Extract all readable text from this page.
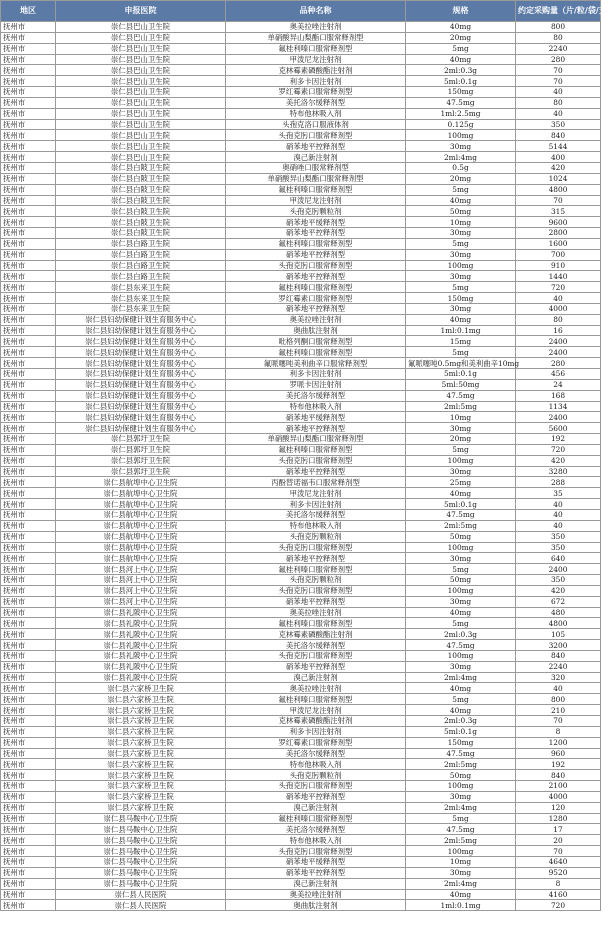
地区	申报医院	品种名称	规格	约定采购量（片/粒/袋/支）
抚州市	崇仁县巴山卫生院	奥美拉唑注射剂	40mg	800
抚州市	崇仁县巴山卫生院	单硝酸异山梨酯口服常释剂型	20mg	80
抚州市	崇仁县巴山卫生院	氟桂利嗪口服常释剂型	5mg	2240
抚州市	崇仁县巴山卫生院	甲泼尼龙注射剂	40mg	280
抚州市	崇仁县巴山卫生院	克林霉素磷酸酯注射剂	2ml:0.3g	70
抚州市	崇仁县巴山卫生院	利多卡因注射剂	5ml:0.1g	70
抚州市	崇仁县巴山卫生院	罗红霉素口服常释剂型	150mg	40
抚州市	崇仁县巴山卫生院	美托洛尔缓释剂型	47.5mg	80
抚州市	崇仁县巴山卫生院	特布他林吸入剂	1ml:2.5mg	40
抚州市	崇仁县巴山卫生院	头孢克洛口服液体剂	0.125g	350
抚州市	崇仁县巴山卫生院	头孢克肟口服常释剂型	100mg	840
抚州市	崇仁县巴山卫生院	硝苯地平控释剂型	30mg	5144
抚州市	崇仁县巴山卫生院	溴己新注射剂	2ml:4mg	400
抚州市	崇仁县白陂卫生院	奥硝唑口服常释剂型	0.5g	420
抚州市	崇仁县白陂卫生院	单硝酸异山梨酯口服常释剂型	20mg	1024
抚州市	崇仁县白陂卫生院	氟桂利嗪口服常释剂型	5mg	4800
抚州市	崇仁县白陂卫生院	甲泼尼龙注射剂	40mg	70
抚州市	崇仁县白陂卫生院	头孢克肟颗粒剂	50mg	315
抚州市	崇仁县白陂卫生院	硝苯地平缓释剂型	10mg	9600
抚州市	崇仁县白陂卫生院	硝苯地平控释剂型	30mg	2800
抚州市	崇仁县白路卫生院	氟桂利嗪口服常释剂型	5mg	1600
抚州市	崇仁县白路卫生院	硝苯地平控释剂型	30mg	700
抚州市	崇仁县白路卫生院	头孢克肟口服常释剂型	100mg	910
抚州市	崇仁县白路卫生院	硝苯地平控释剂型	30mg	1440
抚州市	崇仁县东来卫生院	氟桂利嗪口服常释剂型	5mg	720
抚州市	崇仁县东来卫生院	罗红霉素口服常释剂型	150mg	40
抚州市	崇仁县东来卫生院	硝苯地平控释剂型	30mg	4000
抚州市	崇仁县妇幼保健计划生育服务中心	奥美拉唑注射剂	40mg	80
抚州市	崇仁县妇幼保健计划生育服务中心	奥曲肽注射剂	1ml:0.1mg	16
抚州市	崇仁县妇幼保健计划生育服务中心	吡格列酮口服常释剂型	15mg	2400
抚州市	崇仁县妇幼保健计划生育服务中心	氟桂利嗪口服常释剂型	5mg	2400
抚州市	崇仁县妇幼保健计划生育服务中心	氟哌噻吨美利曲辛口服常释剂型	氟哌噻吨0.5mg和美利曲辛10mg	280
抚州市	崇仁县妇幼保健计划生育服务中心	利多卡因注射剂	5ml:0.1g	456
抚州市	崇仁县妇幼保健计划生育服务中心	罗哌卡因注射剂	5ml:50mg	24
抚州市	崇仁县妇幼保健计划生育服务中心	美托洛尔缓释剂型	47.5mg	168
抚州市	崇仁县妇幼保健计划生育服务中心	特布他林吸入剂	2ml:5mg	1134
抚州市	崇仁县妇幼保健计划生育服务中心	硝苯地平缓释剂型	10mg	2400
抚州市	崇仁县妇幼保健计划生育服务中心	硝苯地平控释剂型	30mg	5600
抚州市	崇仁县郭圩卫生院	单硝酸异山梨酯口服常释剂型	20mg	192
抚州市	崇仁县郭圩卫生院	氟桂利嗪口服常释剂型	5mg	720
抚州市	崇仁县郭圩卫生院	头孢克肟口服常释剂型	100mg	420
抚州市	崇仁县郭圩卫生院	硝苯地平控释剂型	30mg	3280
抚州市	崇仁县航埠中心卫生院	丙酚替诺福韦口服常释剂型	25mg	288
抚州市	崇仁县航埠中心卫生院	甲泼尼龙注射剂	40mg	35
抚州市	崇仁县航埠中心卫生院	利多卡因注射剂	5ml:0.1g	40
抚州市	崇仁县航埠中心卫生院	美托洛尔缓释剂型	47.5mg	40
抚州市	崇仁县航埠中心卫生院	特布他林吸入剂	2ml:5mg	40
抚州市	崇仁县航埠中心卫生院	头孢克肟颗粒剂	50mg	350
抚州市	崇仁县航埠中心卫生院	头孢克肟口服常释剂型	100mg	350
抚州市	崇仁县航埠中心卫生院	硝苯地平控释剂型	30mg	640
抚州市	崇仁县河上中心卫生院	氟桂利嗪口服常释剂型	5mg	2400
抚州市	崇仁县河上中心卫生院	头孢克肟颗粒剂	50mg	350
抚州市	崇仁县河上中心卫生院	头孢克肟口服常释剂型	100mg	420
抚州市	崇仁县河上中心卫生院	硝苯地平控释剂型	30mg	672
抚州市	崇仁县礼陂中心卫生院	奥美拉唑注射剂	40mg	480
抚州市	崇仁县礼陂中心卫生院	氟桂利嗪口服常释剂型	5mg	4800
抚州市	崇仁县礼陂中心卫生院	克林霉素磷酸酯注射剂	2ml:0.3g	105
抚州市	崇仁县礼陂中心卫生院	美托洛尔缓释剂型	47.5mg	3200
抚州市	崇仁县礼陂中心卫生院	头孢克肟口服常释剂型	100mg	840
抚州市	崇仁县礼陂中心卫生院	硝苯地平控释剂型	30mg	2240
抚州市	崇仁县礼陂中心卫生院	溴己新注射剂	2ml:4mg	320
抚州市	崇仁县六家桥卫生院	奥美拉唑注射剂	40mg	40
抚州市	崇仁县六家桥卫生院	氟桂利嗪口服常释剂型	5mg	800
抚州市	崇仁县六家桥卫生院	甲泼尼龙注射剂	40mg	210
抚州市	崇仁县六家桥卫生院	克林霉素磷酸酯注射剂	2ml:0.3g	70
抚州市	崇仁县六家桥卫生院	利多卡因注射剂	5ml:0.1g	8
抚州市	崇仁县六家桥卫生院	罗红霉素口服常释剂型	150mg	1200
抚州市	崇仁县六家桥卫生院	美托洛尔缓释剂型	47.5mg	960
抚州市	崇仁县六家桥卫生院	特布他林吸入剂	2ml:5mg	192
抚州市	崇仁县六家桥卫生院	头孢克肟颗粒剂	50mg	840
抚州市	崇仁县六家桥卫生院	头孢克肟口服常释剂型	100mg	2100
抚州市	崇仁县六家桥卫生院	硝苯地平控释剂型	30mg	4000
抚州市	崇仁县六家桥卫生院	溴己新注射剂	2ml:4mg	120
抚州市	崇仁县马鞍中心卫生院	氟桂利嗪口服常释剂型	5mg	1280
抚州市	崇仁县马鞍中心卫生院	美托洛尔缓释剂型	47.5mg	17
抚州市	崇仁县马鞍中心卫生院	特布他林吸入剂	2ml:5mg	20
抚州市	崇仁县马鞍中心卫生院	头孢克肟口服常释剂型	100mg	70
抚州市	崇仁县马鞍中心卫生院	硝苯地平缓释剂型	10mg	4640
抚州市	崇仁县马鞍中心卫生院	硝苯地平控释剂型	30mg	9520
抚州市	崇仁县马鞍中心卫生院	溴己新注射剂	2ml:4mg	8
抚州市	崇仁县人民医院	奥美拉唑注射剂	40mg	4160
抚州市	崇仁县人民医院	奥曲肽注射剂	1ml:0.1mg	720
